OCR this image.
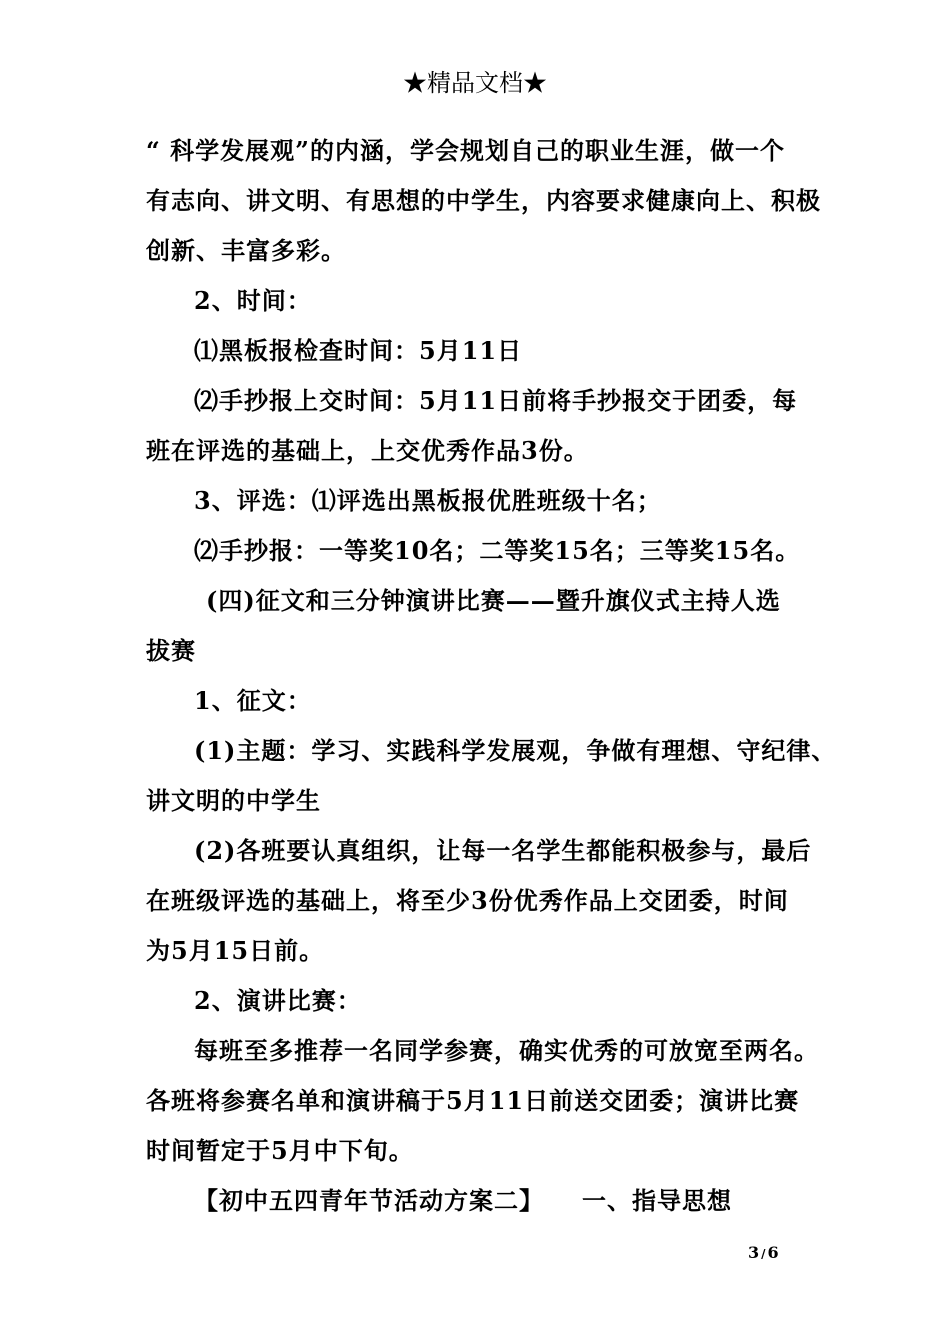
★精品文档★
“ 科学发展观”的内涵，学会规划自己的职业生涯，做一个
有志向、讲文明、有思想的中学生，内容要求健康向上、积极
创新、丰富多彩。
2、时间：
⑴黑板报检查时间：5月11日
⑵手抄报上交时间：5月11日前将手抄报交于团委，每
班在评选的基础上，上交优秀作品3份。
3、评选：⑴评选出黑板报优胜班级十名；
⑵手抄报：一等奖10名；二等奖15名；三等奖15名。
(四)征文和三分钟演讲比赛——暨升旗仪式主持人选
拔赛
1、征文：
(1)主题：学习、实践科学发展观，争做有理想、守纪律、
讲文明的中学生
(2)各班要认真组织，让每一名学生都能积极参与，最后
在班级评选的基础上，将至少3份优秀作品上交团委，时间
为5月15日前。
2、演讲比赛：
每班至多推荐一名同学参赛，确实优秀的可放宽至两名。
各班将参赛名单和演讲稿于5月11日前送交团委；演讲比赛
时间暂定于5月中下旬。
【初中五四青年节活动方案二】　　一、指导思想
3 / 6
